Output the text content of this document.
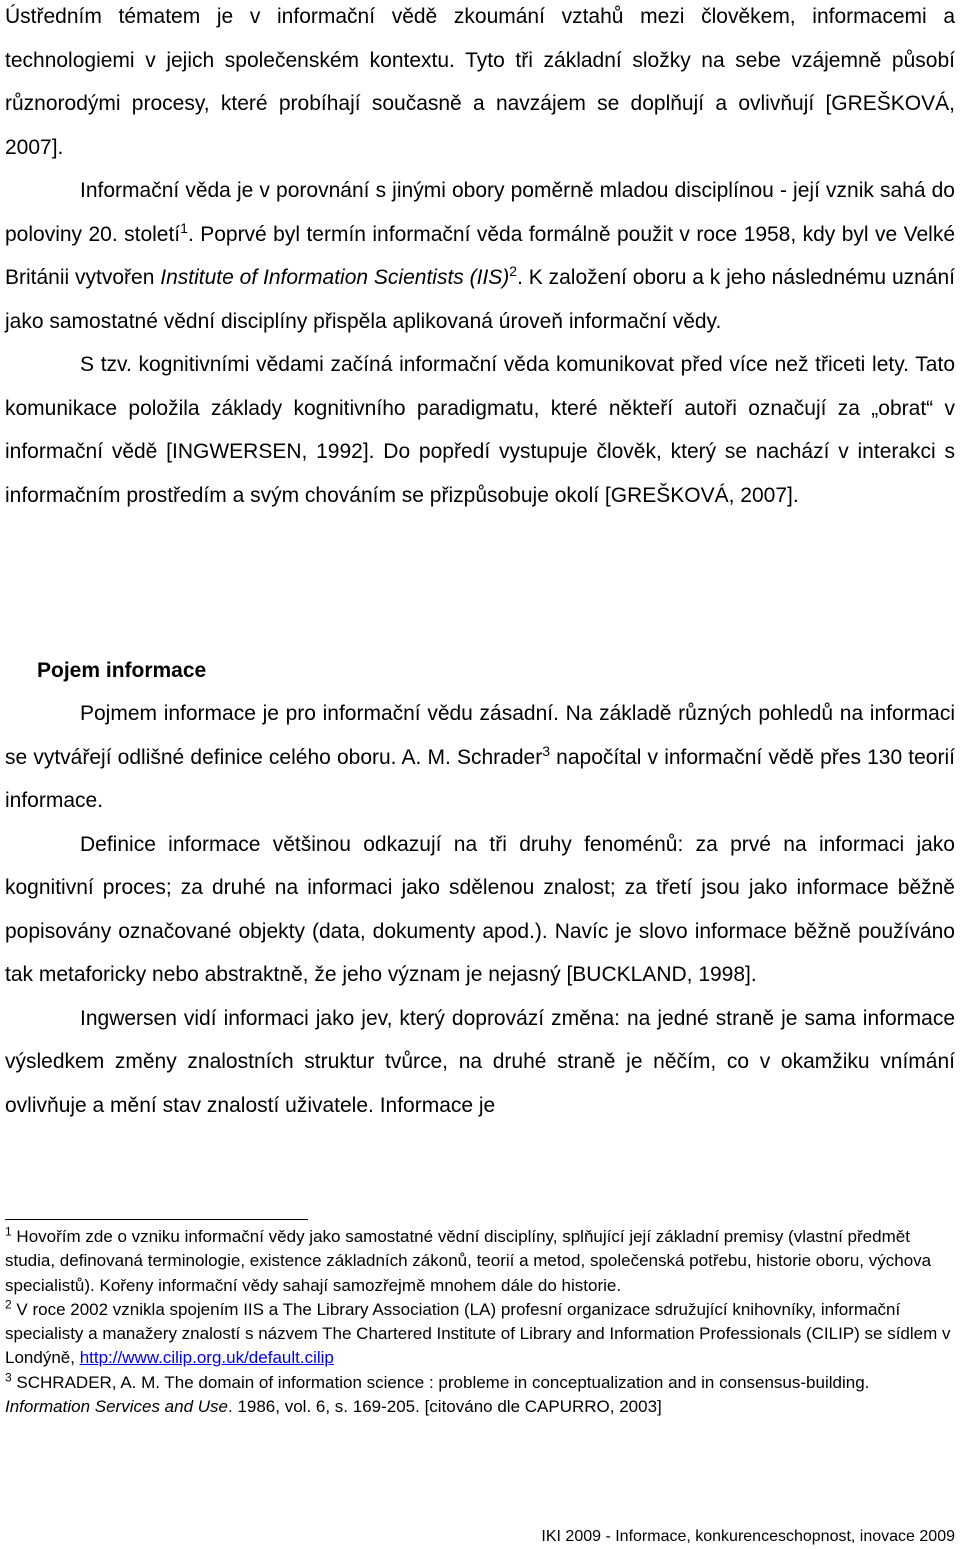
Ústředním tématem je v informační vědě zkoumání vztahů mezi člověkem, informacemi a technologiemi v jejich společenském kontextu. Tyto tři základní složky na sebe vzájemně působí různorodými procesy, které probíhají současně a navzájem se doplňují a ovlivňují [GREŠKOVÁ, 2007].

Informační věda je v porovnání s jinými obory poměrně mladou disciplínou - její vznik sahá do poloviny 20. století$^1$. Poprvé byl termín informační věda formálně použit v roce 1958, kdy byl ve Velké Británii vytvořen Institute of Information Scientists (IIS)$^2$. K založení oboru a k jeho následnému uznání jako samostatné vědní disciplíny přispěla aplikovaná úroveň informační vědy.

S tzv. kognitivními vědami začíná informační věda komunikovat před více než třiceti lety. Tato komunikace položila základy kognitivního paradigmatu, které někteří autoři označují za „obrat“ v informační vědě [INGWERSEN, 1992]. Do popředí vystupuje člověk, který se nachází v interakci s informačním prostředím a svým chováním se přizpůsobuje okolí [GREŠKOVÁ, 2007].

Pojem informace

Pojmem informace je pro informační vědu zásadní. Na základě různých pohledů na informaci se vytvářejí odlišné definice celého oboru. A. M. Schrader$^3$ napočítal v informační vědě přes 130 teorií informace.

Definice informace většinou odkazují na tři druhy fenoménů: za prvé na informaci jako kognitivní proces; za druhé na informaci jako sdělenou znalost; za třetí jsou jako informace běžně popisovány označované objekty (data, dokumenty apod.). Navíc je slovo informace běžně používáno tak metaforicky nebo abstraktně, že jeho význam je nejasný [BUCKLAND, 1998].

Ingwersen vidí informaci jako jev, který doprovází změna: na jedné straně je sama informace výsledkem změny znalostních struktur tvůrce, na druhé straně je něčím, co v okamžiku vnímání ovlivňuje a mění stav znalostí uživatele. Informace je

$^1$ Hovořím zde o vzniku informační vědy jako samostatné vědní disciplíny, splňující její základní premisy (vlastní předmět studia, definovaná terminologie, existence základních zákonů, teorií a metod, společenská potřebu, historie oboru, výchova specialistů). Kořeny informační vědy sahají samozřejmě mnohem dále do historie.

$^2$ V roce 2002 vznikla spojením IIS a The Library Association (LA) profesní organizace sdružující knihovníky, informační specialisty a manažery znalostí s názvem The Chartered Institute of Library and Information Professionals (CILIP) se sídlem v Londýně, http://www.cilip.org.uk/default.cilip

$^3$ SCHRADER, A. M. The domain of information science : probleme in conceptualization and in consensus-building. Information Services and Use. 1986, vol. 6, s. 169-205. [citováno dle CAPURRO, 2003]

IKI 2009 - Informace, konkurenceschopnost, inovace 2009
